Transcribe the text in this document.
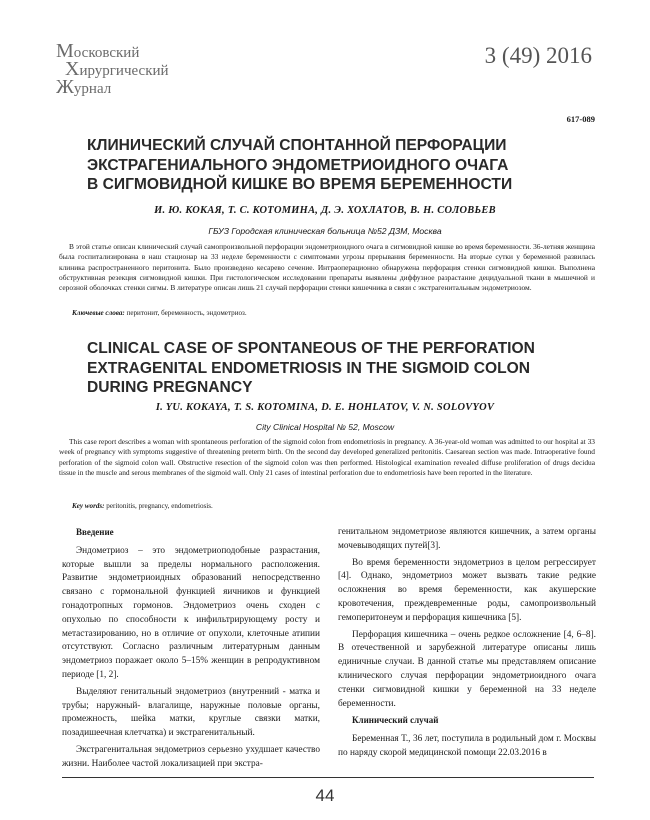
Московский
Хирургический
Журнал
3 (49) 2016
617-089
КЛИНИЧЕСКИЙ СЛУЧАЙ СПОНТАННОЙ ПЕРФОРАЦИИ
ЭКСТРАГЕНИАЛЬНОГО ЭНДОМЕТРИОИДНОГО ОЧАГА
В СИГМОВИДНОЙ КИШКЕ ВО ВРЕМЯ БЕРЕМЕННОСТИ
И. Ю. КОКАЯ, Т. С. КОТОМИНА, Д. Э. ХОХЛАТОВ, В. Н. СОЛОВЬЕВ
ГБУЗ Городская клиническая больница №52 ДЗМ, Москва

В этой статье описан клинический случай самопроизвольной перфорации эндометриоидного очага в сигмовидной кишке во время беременности. 36-летняя женщина была госпитализирована в наш стационар на 33 неделе беременности с симптомами угрозы прерывания беременности. На вторые сутки у беременной развилась клиника распространенного перитонита. Было произведено кесарево сечение. Интраоперационно обнаружена перфорация стенки сигмовидной кишки. Выполнена обструктивная резекция сигмовидной кишки. При гистологическом исследовании препараты выявлены диффузное разрастание децидуальной ткани в мышечной и серозной оболочках стенки сигмы. В литературе описан лишь 21 случай перфорации стенки кишечника в связи с экстрагенитальным эндометриозом.

Ключевые слова: перитонит, беременность, эндометриоз.
CLINICAL CASE OF SPONTANEOUS OF THE PERFORATION
EXTRAGENITAL ENDOMETRIOSIS IN THE SIGMOID COLON
DURING PREGNANCY
I. YU. KOKAYA, T. S. KOTOMINA, D. E. HOHLATOV, V. N. SOLOVYOV
City Clinical Hospital № 52, Moscow

This case report describes a woman with spontaneous perforation of the sigmoid colon from endometriosis in pregnancy. A 36-year-old woman was admitted to our hospital at 33 week of pregnancy with symptoms suggestive of threatening preterm birth. On the second day developed generalized peritonitis. Caesarean section was made. Intraoperative found perforation of the sigmoid colon wall. Obstructive resection of the sigmoid colon was then performed. Histological examination revealed diffuse proliferation of drugs decidua tissue in the muscle and serous membranes of the sigmoid wall. Only 21 cases of intestinal perforation due to endometriosis have been reported in the literature.

Key words: peritonitis, pregnancy, endometriosis.
Введение

Эндометриоз – это эндометриоподобные разрастания, которые вышли за пределы нормального расположения. Развитие эндометриоидных образований непосредственно связано с гормональной функцией яичников и функцией гонадотропных гормонов. Эндометриоз очень сходен с опухолью по способности к инфильтрирующему росту и метастазированию, но в отличие от опухоли, клеточные атипии отсутствуют. Согласно различным литературным данным эндометриоз поражает около 5–15% женщин в репродуктивном периоде [1, 2].

Выделяют генитальный эндометриоз (внутренний - матка и трубы; наружный- влагалище, наружные половые органы, промежность, шейка матки, круглые связки матки, позадишеечная клетчатка) и экстрагенитальный.

Экстрагенитальная эндометриоз серьезно ухудшает качество жизни. Наиболее частой локализацией при экстра-

генитальном эндометриозе являются кишечник, а затем органы мочевыводящих путей[3].

Во время беременности эндометриоз в целом регрессирует [4]. Однако, эндометриоз может вызвать такие редкие осложнения во время беременности, как акушерские кровотечения, преждевременные роды, самопроизвольный гемоперитонеум и перфорация кишечника [5].

Перфорация кишечника – очень редкое осложнение [4, 6–8]. В отечественной и зарубежной литературе описаны лишь единичные случаи. В данной статье мы представляем описание клинического случая перфорации эндометриоидного очага стенки сигмовидной кишки у беременной на 33 неделе беременности.

Клинический случай

Беременная Т., 36 лет, поступила в родильный дом г. Москвы по наряду скорой медицинской помощи 22.03.2016 в

44
